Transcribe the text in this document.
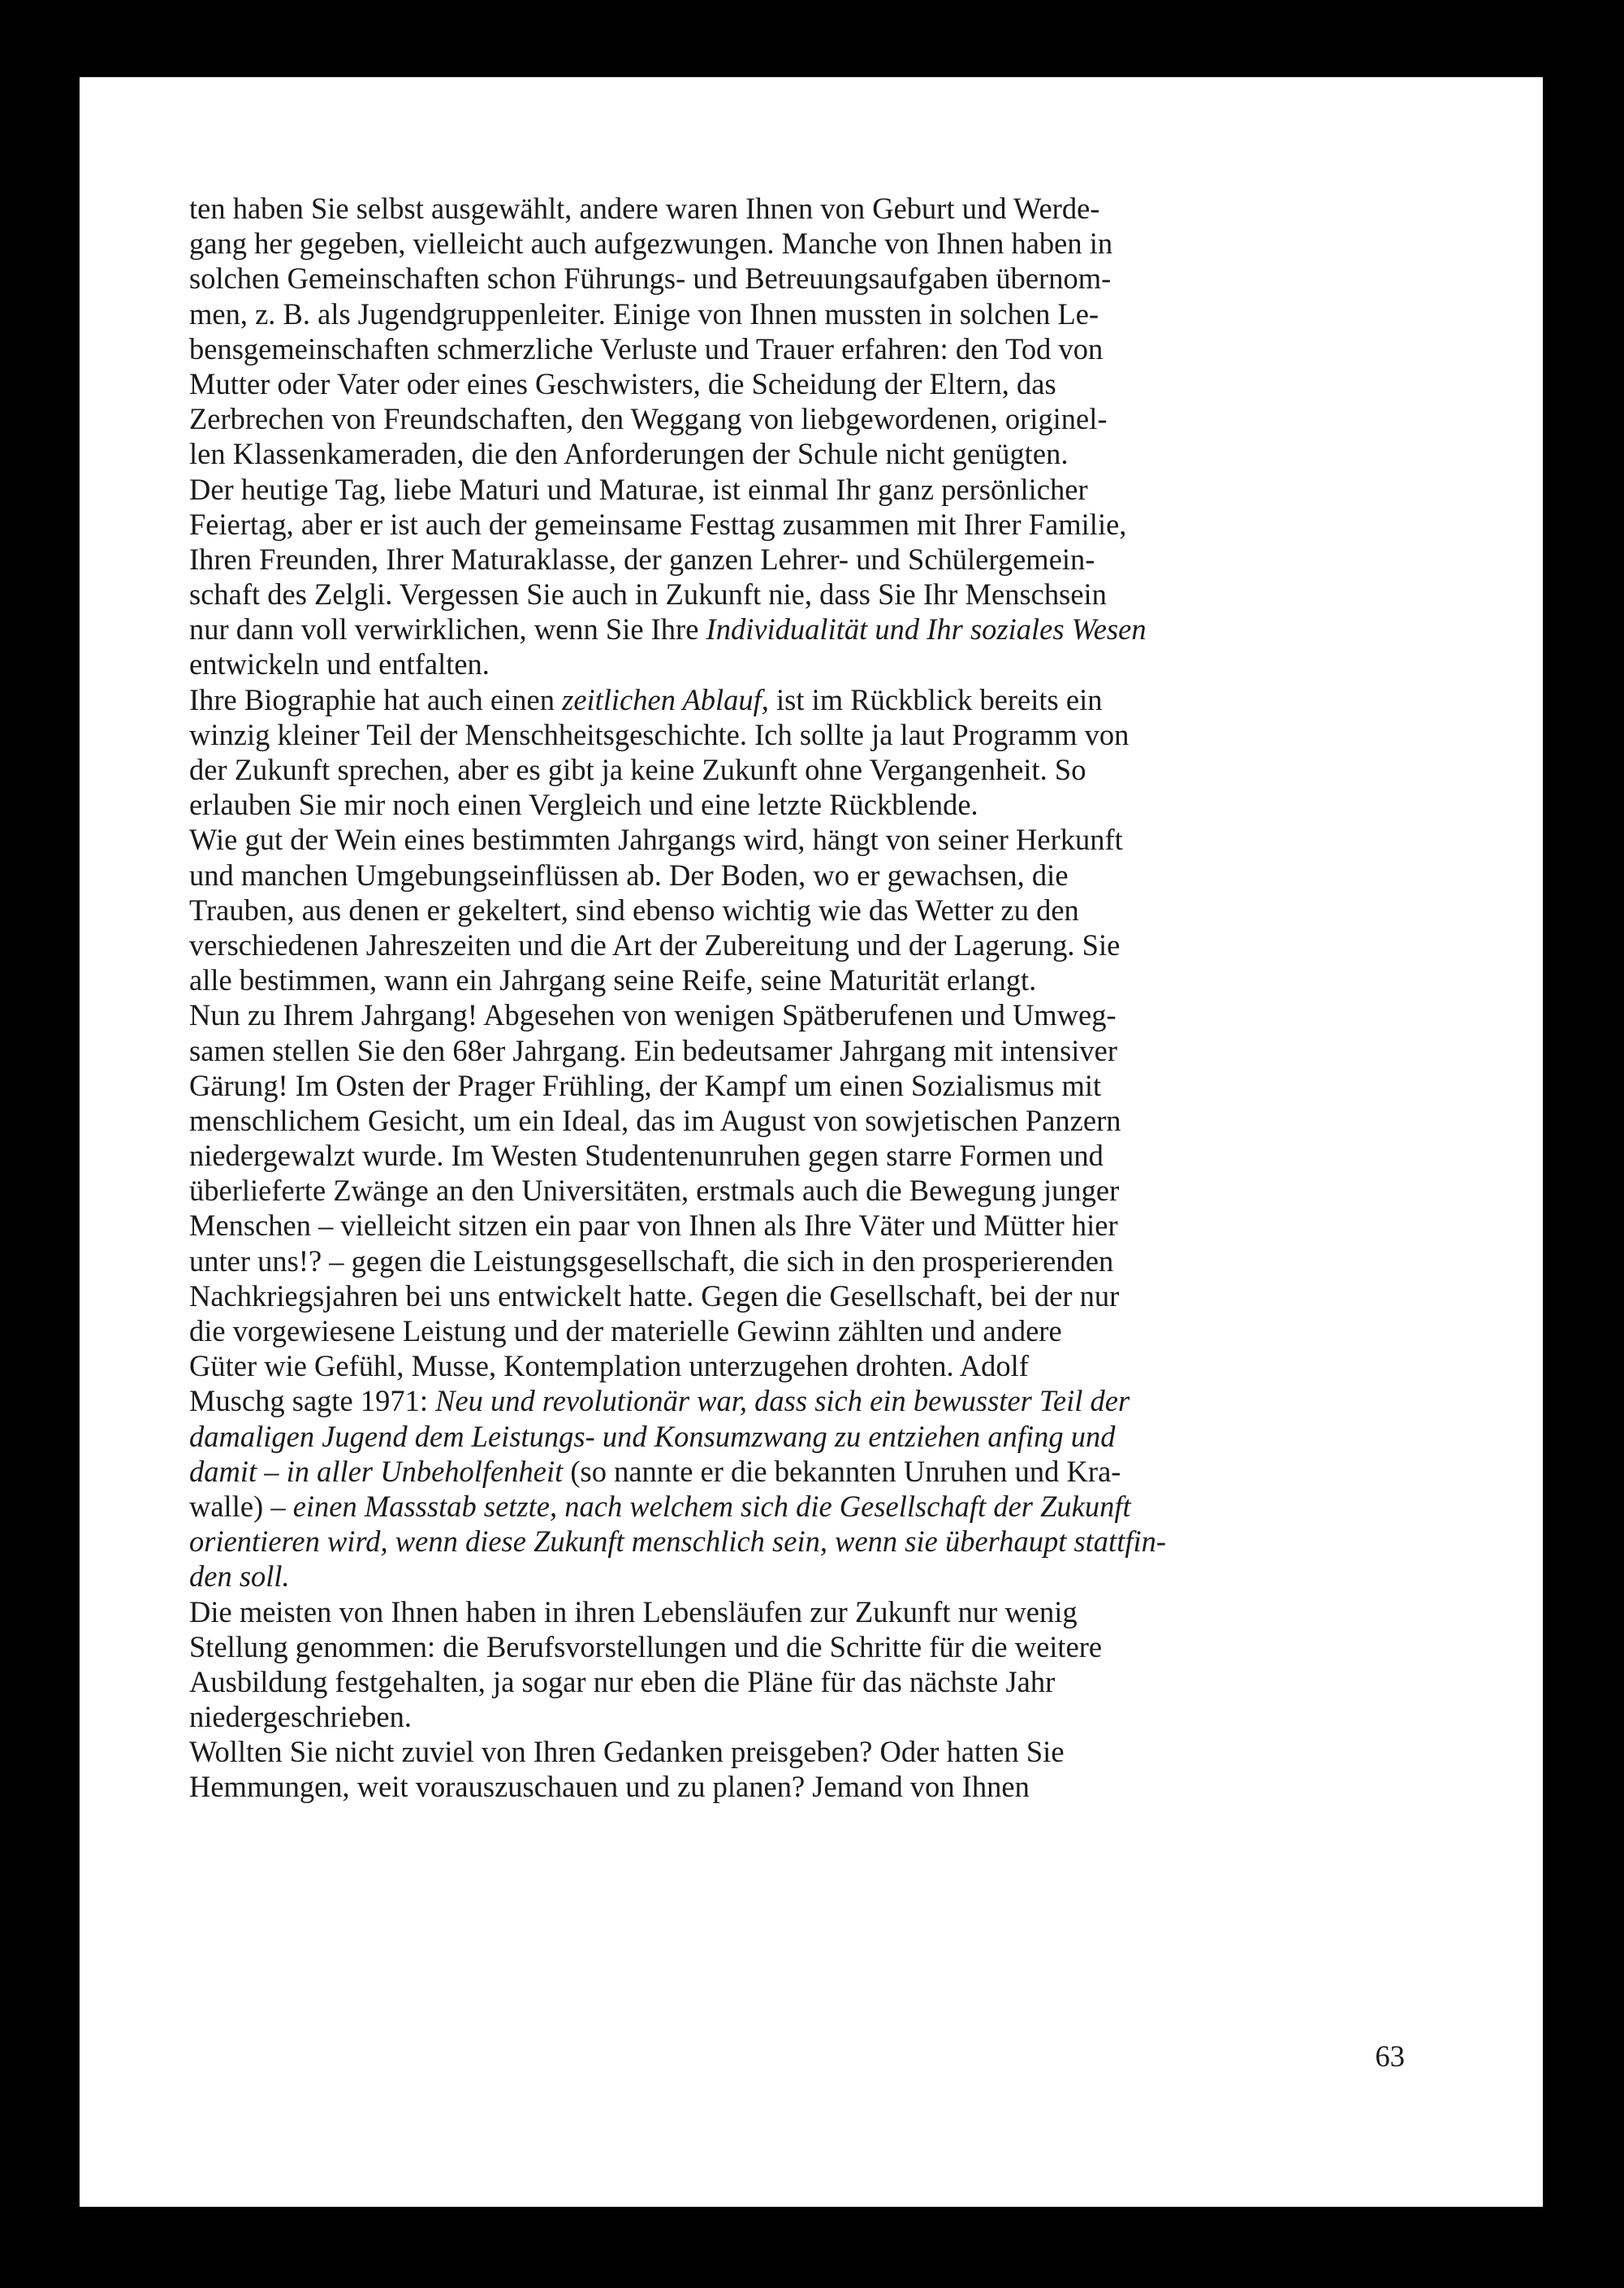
ten haben Sie selbst ausgewählt, andere waren Ihnen von Geburt und Werde-
gang her gegeben, vielleicht auch aufgezwungen. Manche von Ihnen haben in
solchen Gemeinschaften schon Führungs- und Betreuungsaufgaben übernom-
men, z. B. als Jugendgruppenleiter. Einige von Ihnen mussten in solchen Le-
bensgemeinschaften schmerzliche Verluste und Trauer erfahren: den Tod von
Mutter oder Vater oder eines Geschwisters, die Scheidung der Eltern, das
Zerbrechen von Freundschaften, den Weggang von liebgewordenen, originel-
len Klassenkameraden, die den Anforderungen der Schule nicht genügten.
Der heutige Tag, liebe Maturi und Maturae, ist einmal Ihr ganz persönlicher
Feiertag, aber er ist auch der gemeinsame Festtag zusammen mit Ihrer Familie,
Ihren Freunden, Ihrer Maturaklasse, der ganzen Lehrer- und Schülergemein-
schaft des Zelgli. Vergessen Sie auch in Zukunft nie, dass Sie Ihr Menschsein
nur dann voll verwirklichen, wenn Sie Ihre Individualität und Ihr soziales Wesen
entwickeln und entfalten.
Ihre Biographie hat auch einen zeitlichen Ablauf, ist im Rückblick bereits ein
winzig kleiner Teil der Menschheitsgeschichte. Ich sollte ja laut Programm von
der Zukunft sprechen, aber es gibt ja keine Zukunft ohne Vergangenheit. So
erlauben Sie mir noch einen Vergleich und eine letzte Rückblende.
Wie gut der Wein eines bestimmten Jahrgangs wird, hängt von seiner Herkunft
und manchen Umgebungseinflüssen ab. Der Boden, wo er gewachsen, die
Trauben, aus denen er gekeltert, sind ebenso wichtig wie das Wetter zu den
verschiedenen Jahreszeiten und die Art der Zubereitung und der Lagerung. Sie
alle bestimmen, wann ein Jahrgang seine Reife, seine Maturität erlangt.
Nun zu Ihrem Jahrgang! Abgesehen von wenigen Spätberufenen und Umweg-
samen stellen Sie den 68er Jahrgang. Ein bedeutsamer Jahrgang mit intensiver
Gärung! Im Osten der Prager Frühling, der Kampf um einen Sozialismus mit
menschlichem Gesicht, um ein Ideal, das im August von sowjetischen Panzern
niedergewalzt wurde. Im Westen Studentenunruhen gegen starre Formen und
überlieferte Zwänge an den Universitäten, erstmals auch die Bewegung junger
Menschen – vielleicht sitzen ein paar von Ihnen als Ihre Väter und Mütter hier
unter uns!? – gegen die Leistungsgesellschaft, die sich in den prosperierenden
Nachkriegsjahren bei uns entwickelt hatte. Gegen die Gesellschaft, bei der nur
die vorgewiesene Leistung und der materielle Gewinn zählten und andere
Güter wie Gefühl, Musse, Kontemplation unterzugehen drohten. Adolf
Muschg sagte 1971: Neu und revolutionär war, dass sich ein bewusster Teil der
damaligen Jugend dem Leistungs- und Konsumzwang zu entziehen anfing und
damit – in aller Unbeholfenheit (so nannte er die bekannten Unruhen und Kra-
walle) – einen Massstab setzte, nach welchem sich die Gesellschaft der Zukunft
orientieren wird, wenn diese Zukunft menschlich sein, wenn sie überhaupt stattfin-
den soll.
Die meisten von Ihnen haben in ihren Lebensläufen zur Zukunft nur wenig
Stellung genommen: die Berufsvorstellungen und die Schritte für die weitere
Ausbildung festgehalten, ja sogar nur eben die Pläne für das nächste Jahr
niedergeschrieben.
Wollten Sie nicht zuviel von Ihren Gedanken preisgeben? Oder hatten Sie
Hemmungen, weit vorauszuschauen und zu planen? Jemand von Ihnen
63
